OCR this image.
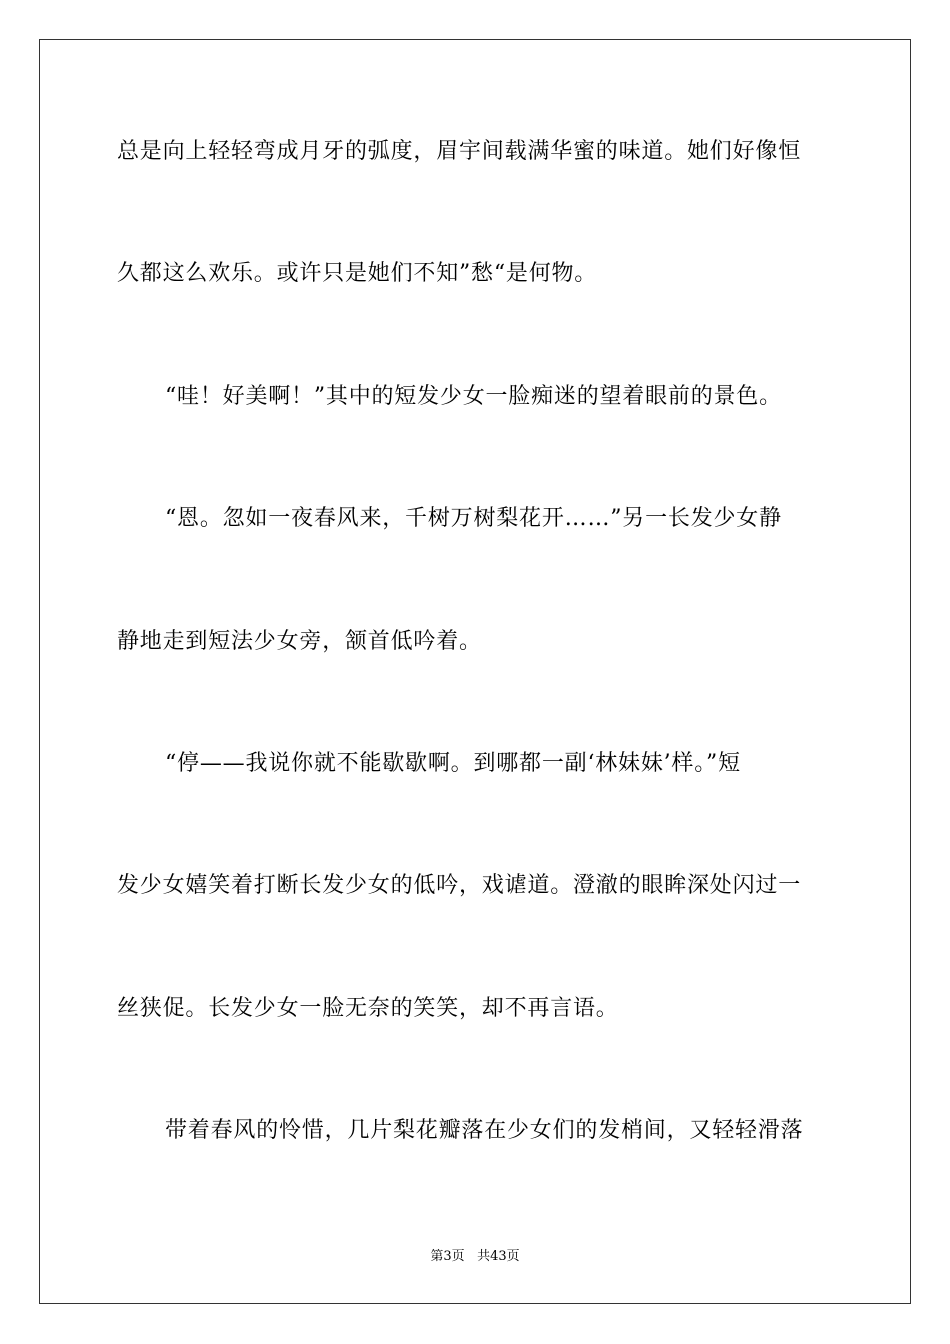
总是向上轻轻弯成月牙的弧度，眉宇间载满华蜜的味道。她们好像恒
久都这么欢乐。或许只是她们不知”愁“是何物。
“哇！好美啊！”其中的短发少女一脸痴迷的望着眼前的景色。
“恩。忽如一夜春风来，千树万树梨花开……”另一长发少女静
静地走到短法少女旁，颔首低吟着。
“停——我说你就不能歇歇啊。到哪都一副‘林妹妹’样。”短
发少女嬉笑着打断长发少女的低吟，戏谑道。澄澈的眼眸深处闪过一
丝狭促。长发少女一脸无奈的笑笑，却不再言语。
带着春风的怜惜，几片梨花瓣落在少女们的发梢间，又轻轻滑落
第3页 共43页
